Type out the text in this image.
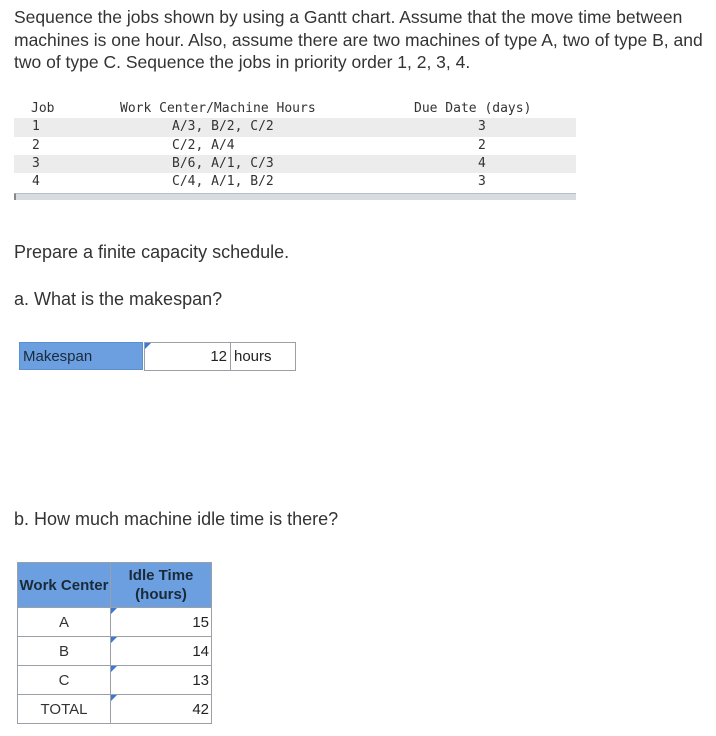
Sequence the jobs shown by using a Gantt chart. Assume that the move time between machines is one hour. Also, assume there are two machines of type A, two of type B, and two of type C. Sequence the jobs in priority order 1, 2, 3, 4.

Job	Work Center/Machine Hours	Due Date (days)
1	A/3, B/2, C/2	3
2	C/2, A/4	2
3	B/6, A/1, C/3	4
4	C/4, A/1, B/2	3

Prepare a finite capacity schedule.

a. What is the makespan?

Makespan	12 hours

b. How much machine idle time is there?

Work Center	Idle Time (hours)
A	15
B	14
C	13
TOTAL	42
